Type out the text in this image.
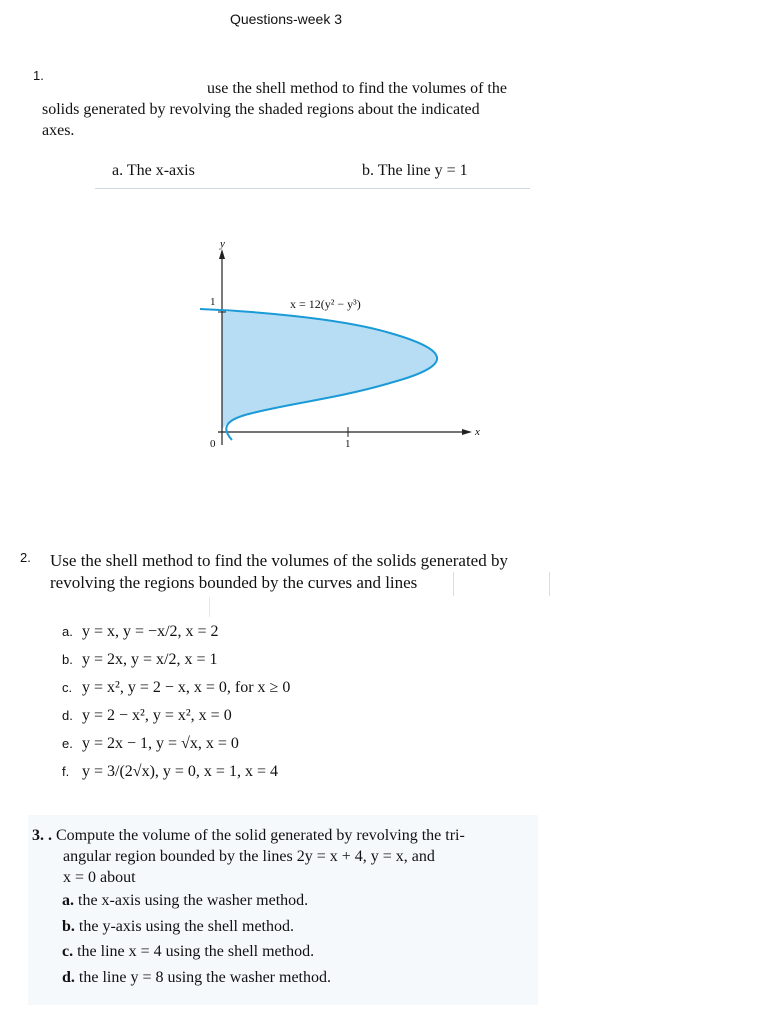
Questions-week 3
1.
use the shell method to find the volumes of the
solids generated by revolving the shaded regions about the indicated
axes.
a. The x-axis	b. The line y = 1
y
x
1
1
0
x = 12(y² − y³)
2. Use the shell method to find the volumes of the solids generated by
revolving the regions bounded by the curves and lines
a. y = x, y = −x/2, x = 2
b. y = 2x, y = x/2, x = 1
c. y = x², y = 2 − x, x = 0, for x ≥ 0
d. y = 2 − x², y = x², x = 0
e. y = 2x − 1, y = √x, x = 0
f. y = 3/(2√x), y = 0, x = 1, x = 4
3. . Compute the volume of the solid generated by revolving the tri-
angular region bounded by the lines 2y = x + 4, y = x, and
x = 0 about
a. the x-axis using the washer method.
b. the y-axis using the shell method.
c. the line x = 4 using the shell method.
d. the line y = 8 using the washer method.
